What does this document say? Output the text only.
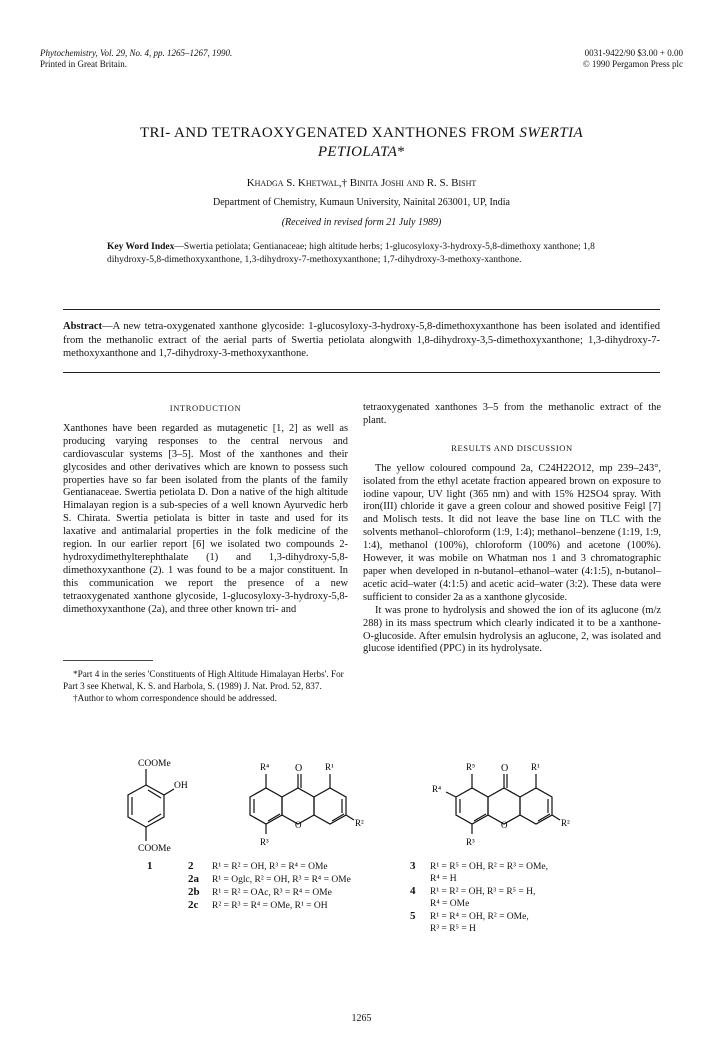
Phytochemistry, Vol. 29, No. 4, pp. 1265–1267, 1990.
Printed in Great Britain.
0031-9422/90 $3.00 + 0.00
© 1990 Pergamon Press plc
TRI- AND TETRAOXYGENATED XANTHONES FROM SWERTIA
PETIOLATA*
Khadga S. Khetwal,† Binita Joshi and R. S. Bisht
Department of Chemistry, Kumaun University, Nainital 263001, UP, India
(Received in revised form 21 July 1989)
Key Word Index—Swertia petiolata; Gentianaceae; high altitude herbs; 1-glucosyloxy-3-hydroxy-5,8-dimethoxy xanthone; 1,8 dihydroxy-5,8-dimethoxyxanthone, 1,3-dihydroxy-7-methoxyxanthone; 1,7-dihydroxy-3-methoxy-xanthone.
Abstract—A new tetra-oxygenated xanthone glycoside: 1-glucosyloxy-3-hydroxy-5,8-dimethoxyxanthone has been isolated and identified from the methanolic extract of the aerial parts of Swertia petiolata alongwith 1,8-dihydroxy-3,5-dimethoxyxanthone; 1,3-dihydroxy-7-methoxyxanthone and 1,7-dihydroxy-3-methoxyxanthone.
INTRODUCTION

Xanthones have been regarded as mutagenetic [1, 2] as well as producing varying responses to the central nervous and cardiovascular systems [3–5]. Most of the xanthones and their glycosides and other derivatives which are known to possess such properties have so far been isolated from the plants of the family Gentianaceae. Swertia petiolata D. Don a native of the high altitude Himalayan region is a sub-species of a well known Ayurvedic herb S. Chirata. Swertia petiolata is bitter in taste and used for its laxative and antimalarial properties in the folk medicine of the region. In our earlier report [6] we isolated two compounds 2-hydroxydimethylterephthalate (1) and 1,3-dihydroxy-5,8-dimethoxyxanthone (2). 1 was found to be a major constituent. In this communication we report the presence of a new tetraoxygenated xanthone glycoside, 1-glucosyloxy-3-hydroxy-5,8-dimethoxyxanthone (2a), and three other known tri- and

*Part 4 in the series 'Constituents of High Altitude Himalayan Herbs'. For Part 3 see Khetwal, K. S. and Harbola, S. (1989) J. Nat. Prod. 52, 837.
†Author to whom correspondence should be addressed.

tetraoxygenated xanthones 3–5 from the methanolic extract of the plant.

RESULTS AND DISCUSSION

The yellow coloured compound 2a, C24H22O12, mp 239–243°, isolated from the ethyl acetate fraction appeared brown on exposure to iodine vapour, UV light (365 nm) and with 15% H2SO4 spray. With iron(III) chloride it gave a green colour and showed positive Feigl [7] and Molisch tests. It did not leave the base line on TLC with the solvents methanol–chloroform (1:9, 1:4); methanol–benzene (1:19, 1:9, 1:4), methanol (100%), chloroform (100%) and acetone (100%). However, it was mobile on Whatman nos 1 and 3 chromatographic paper when developed in n-butanol–ethanol–water (4:1:5), n-butanol–acetic acid–water (4:1:5) and acetic acid–water (3:2). These data were sufficient to consider 2a as a xanthone glycoside.

It was prone to hydrolysis and showed the ion of its aglucone (m/z 288) in its mass spectrum which clearly indicated it to be a xanthone-O-glucoside. After emulsin hydrolysis an aglucone, 2, was isolated and glucose identified (PPC) in its hydrolysate.

COOMe
OH
COOMe
R⁴	O	R¹
R²
R³
O
R⁵	O	R¹
R⁴
R²
R³
O
1	2 R¹ = R² = OH, R³ = R⁴ = OMe
2a R¹ = Oglc, R² = OH, R³ = R⁴ = OMe
2b R¹ = R² = OAc, R³ = R⁴ = OMe
2c R² = R³ = R⁴ = OMe, R¹ = OH
3 R¹ = R⁵ = OH, R² = R³ = OMe,
R⁴ = H
4 R¹ = R² = OH, R³ = R⁵ = H,
R⁴ = OMe
5 R¹ = R⁴ = OH, R² = OMe,
R³ = R⁵ = H
1265
